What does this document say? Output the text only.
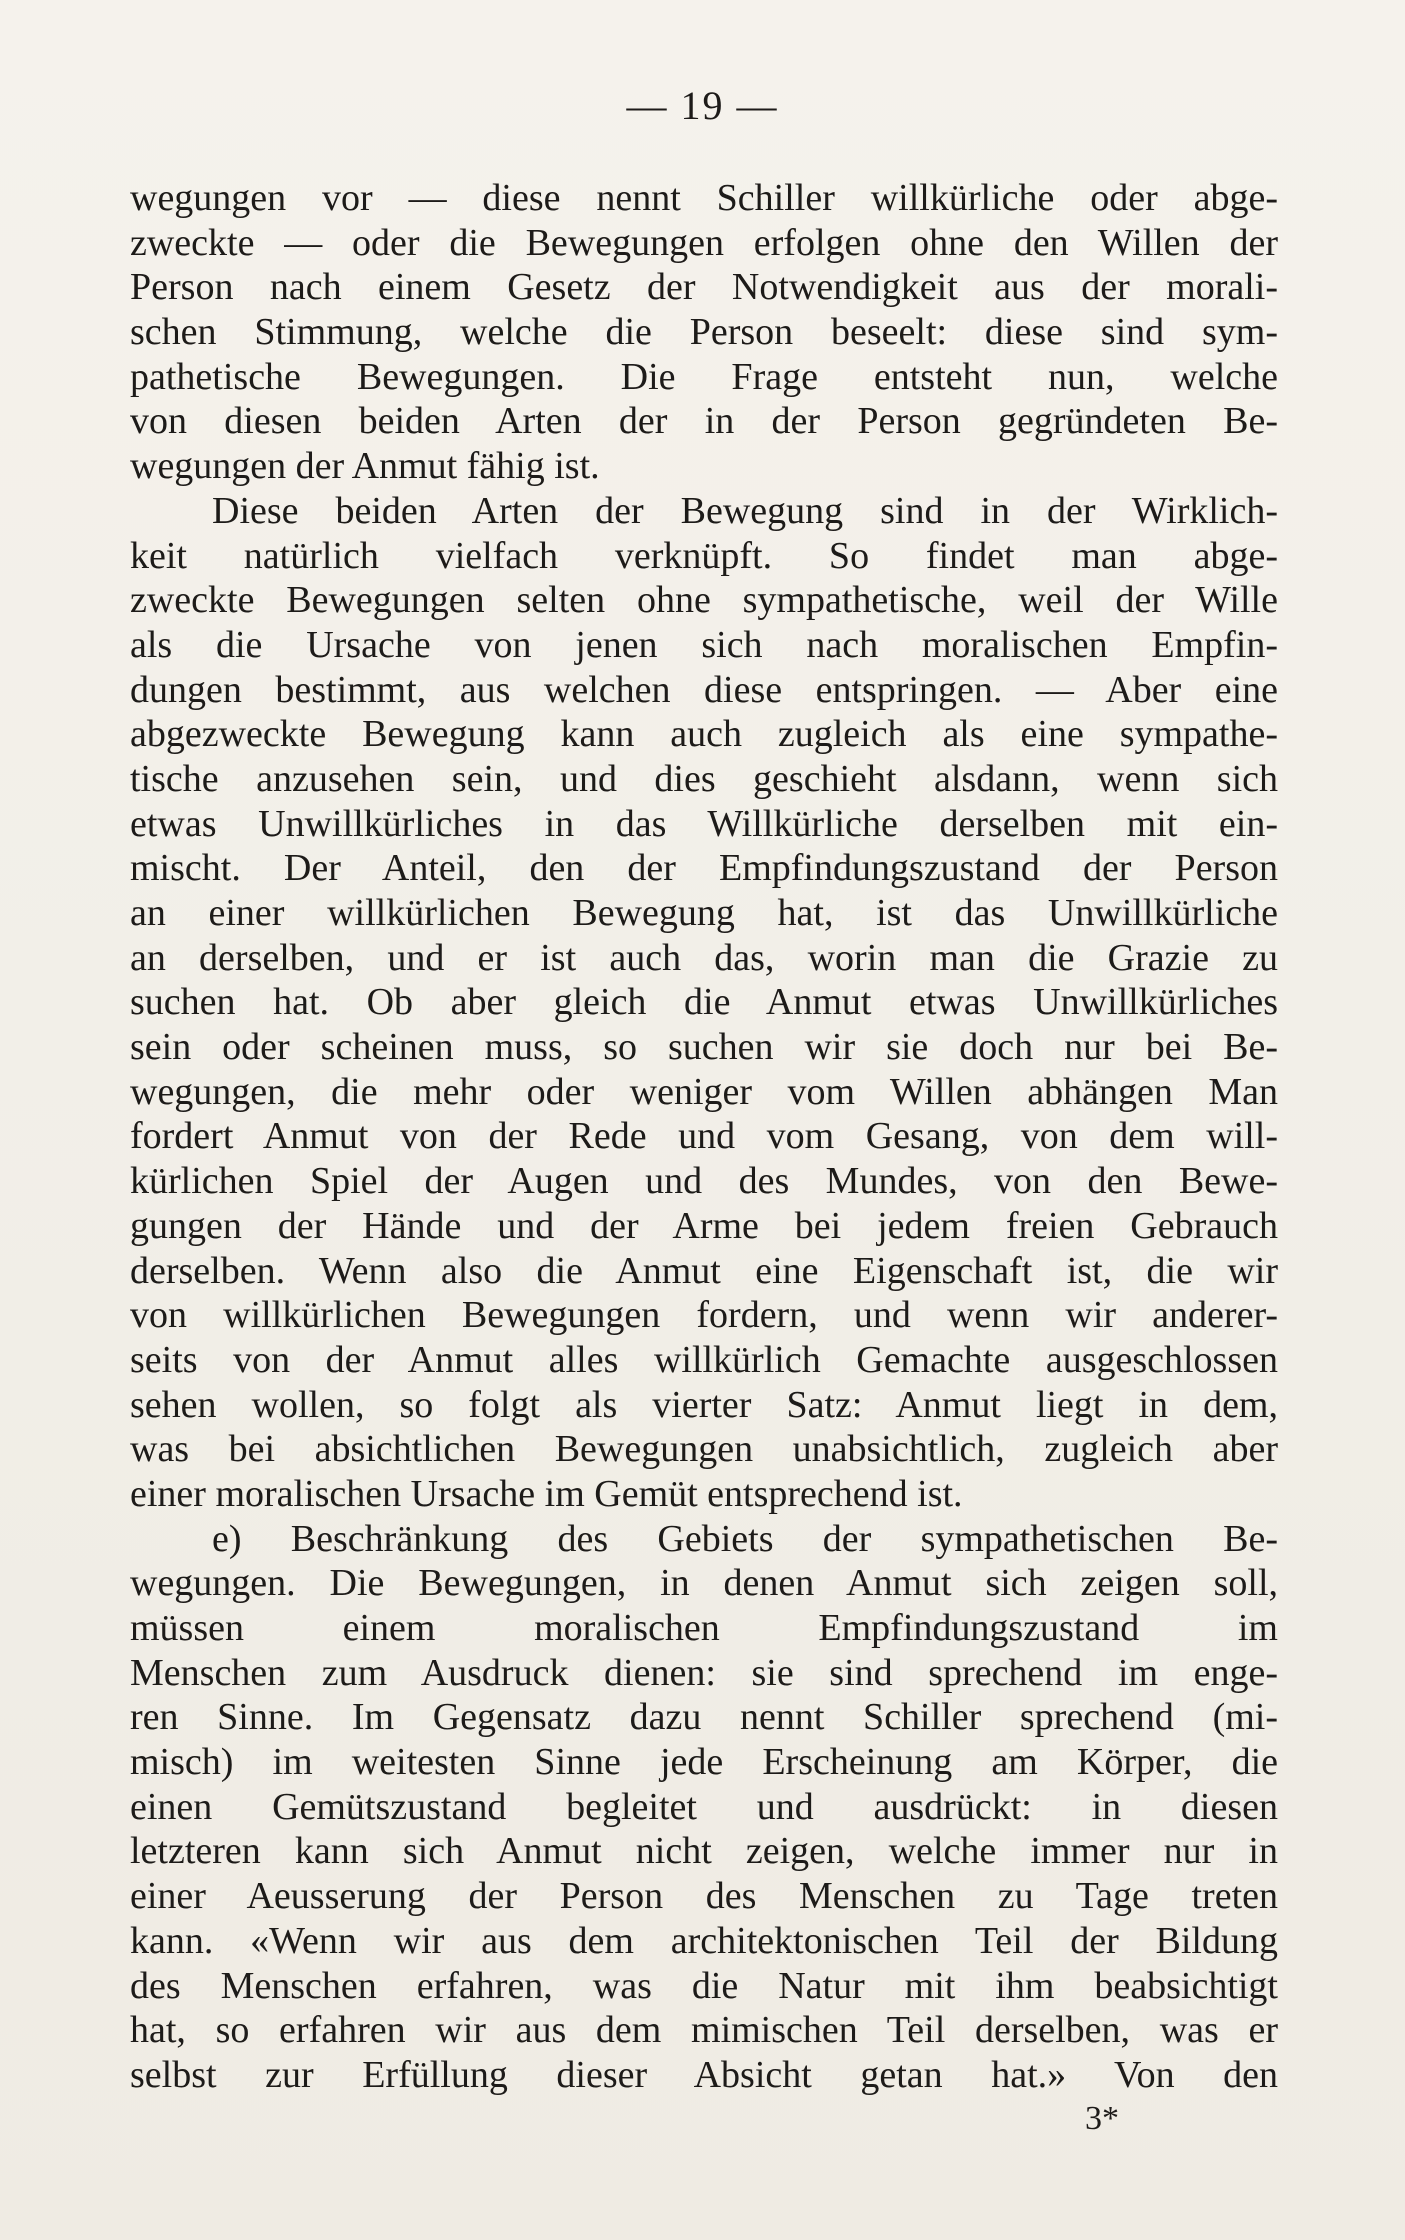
— 19 —
wegungen vor — diese nennt Schiller willkürliche oder abge-
zweckte — oder die Bewegungen erfolgen ohne den Willen der
Person nach einem Gesetz der Notwendigkeit aus der morali-
schen Stimmung, welche die Person beseelt: diese sind sym-
pathetische Bewegungen. Die Frage entsteht nun, welche
von diesen beiden Arten der in der Person gegründeten Be-
wegungen der Anmut fähig ist.
Diese beiden Arten der Bewegung sind in der Wirklich-
keit natürlich vielfach verknüpft. So findet man abge-
zweckte Bewegungen selten ohne sympathetische, weil der Wille
als die Ursache von jenen sich nach moralischen Empfin-
dungen bestimmt, aus welchen diese entspringen. — Aber eine
abgezweckte Bewegung kann auch zugleich als eine sympathe-
tische anzusehen sein, und dies geschieht alsdann, wenn sich
etwas Unwillkürliches in das Willkürliche derselben mit ein-
mischt. Der Anteil, den der Empfindungszustand der Person
an einer willkürlichen Bewegung hat, ist das Unwillkürliche
an derselben, und er ist auch das, worin man die Grazie zu
suchen hat. Ob aber gleich die Anmut etwas Unwillkürliches
sein oder scheinen muss, so suchen wir sie doch nur bei Be-
wegungen, die mehr oder weniger vom Willen abhängen Man
fordert Anmut von der Rede und vom Gesang, von dem will-
kürlichen Spiel der Augen und des Mundes, von den Bewe-
gungen der Hände und der Arme bei jedem freien Gebrauch
derselben. Wenn also die Anmut eine Eigenschaft ist, die wir
von willkürlichen Bewegungen fordern, und wenn wir anderer-
seits von der Anmut alles willkürlich Gemachte ausgeschlossen
sehen wollen, so folgt als vierter Satz: Anmut liegt in dem,
was bei absichtlichen Bewegungen unabsichtlich, zugleich aber
einer moralischen Ursache im Gemüt entsprechend ist.
e) Beschränkung des Gebiets der sympathetischen Be-
wegungen. Die Bewegungen, in denen Anmut sich zeigen soll,
müssen einem moralischen Empfindungszustand im
Menschen zum Ausdruck dienen: sie sind sprechend im enge-
ren Sinne. Im Gegensatz dazu nennt Schiller sprechend (mi-
misch) im weitesten Sinne jede Erscheinung am Körper, die
einen Gemütszustand begleitet und ausdrückt: in diesen
letzteren kann sich Anmut nicht zeigen, welche immer nur in
einer Aeusserung der Person des Menschen zu Tage treten
kann. «Wenn wir aus dem architektonischen Teil der Bildung
des Menschen erfahren, was die Natur mit ihm beabsichtigt
hat, so erfahren wir aus dem mimischen Teil derselben, was er
selbst zur Erfüllung dieser Absicht getan hat.» Von den
3*
